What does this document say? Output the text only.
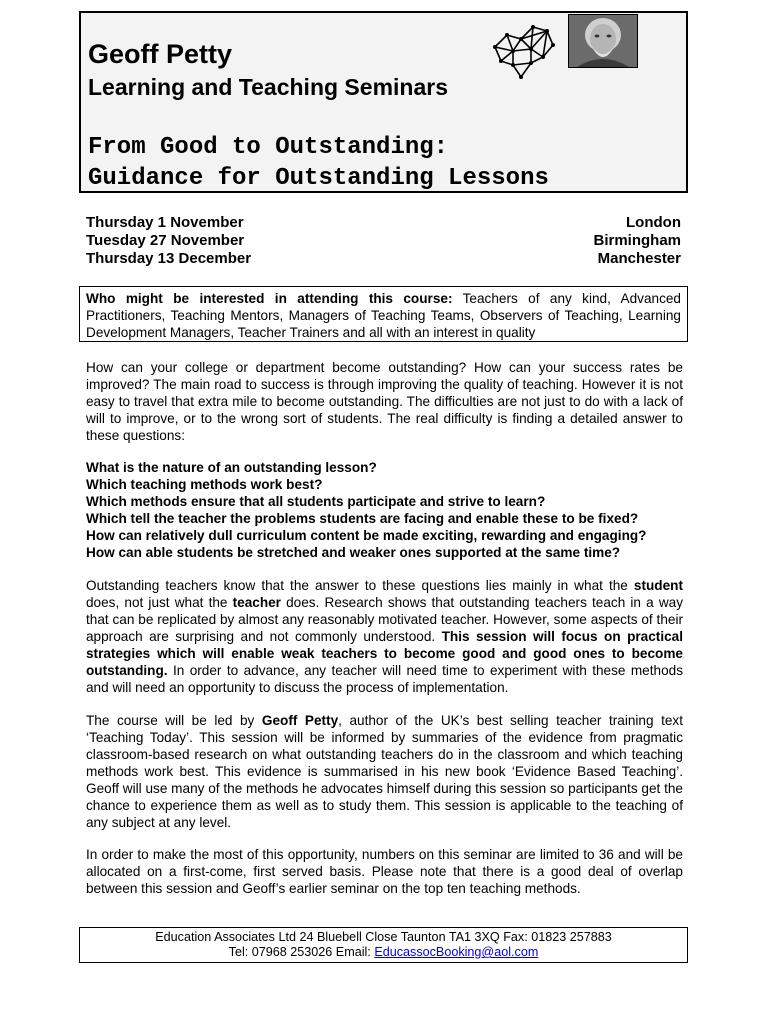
Geoff Petty
Learning and Teaching Seminars
From Good to Outstanding:
Guidance for Outstanding Lessons
Thursday 1 November
Tuesday 27 November
Thursday 13 December
London
Birmingham
Manchester
Who might be interested in attending this course: Teachers of any kind, Advanced Practitioners, Teaching Mentors, Managers of Teaching Teams, Observers of Teaching, Learning Development Managers, Teacher Trainers and all with an interest in quality

How can your college or department become outstanding? How can your success rates be improved? The main road to success is through improving the quality of teaching. However it is not easy to travel that extra mile to become outstanding. The difficulties are not just to do with a lack of will to improve, or to the wrong sort of students. The real difficulty is finding a detailed answer to these questions:

What is the nature of an outstanding lesson?
Which teaching methods work best?
Which methods ensure that all students participate and strive to learn?
Which tell the teacher the problems students are facing and enable these to be fixed?
How can relatively dull curriculum content be made exciting, rewarding and engaging?
How can able students be stretched and weaker ones supported at the same time?

Outstanding teachers know that the answer to these questions lies mainly in what the student does, not just what the teacher does. Research shows that outstanding teachers teach in a way that can be replicated by almost any reasonably motivated teacher. However, some aspects of their approach are surprising and not commonly understood. This session will focus on practical strategies which will enable weak teachers to become good and good ones to become outstanding. In order to advance, any teacher will need time to experiment with these methods and will need an opportunity to discuss the process of implementation.

The course will be led by Geoff Petty, author of the UK’s best selling teacher training text ‘Teaching Today’. This session will be informed by summaries of the evidence from pragmatic classroom-based research on what outstanding teachers do in the classroom and which teaching methods work best. This evidence is summarised in his new book ‘Evidence Based Teaching’. Geoff will use many of the methods he advocates himself during this session so participants get the chance to experience them as well as to study them. This session is applicable to the teaching of any subject at any level.

In order to make the most of this opportunity, numbers on this seminar are limited to 36 and will be allocated on a first-come, first served basis. Please note that there is a good deal of overlap between this session and Geoff’s earlier seminar on the top ten teaching methods.

Education Associates Ltd 24 Bluebell Close Taunton TA1 3XQ Fax: 01823 257883
Tel: 07968 253026 Email: EducassocBooking@aol.com
